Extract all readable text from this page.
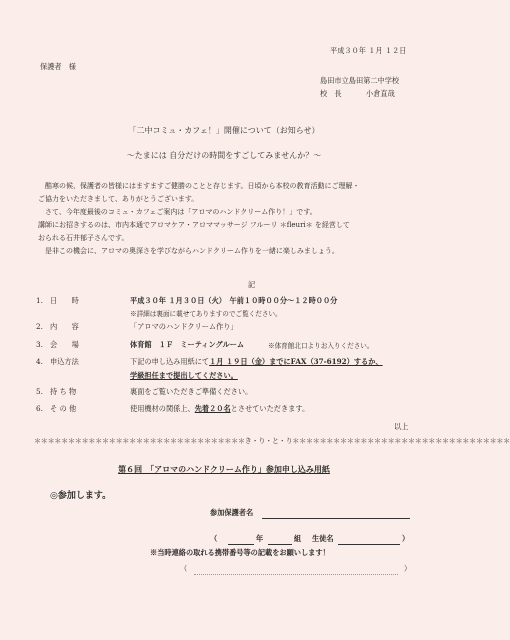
平成３０年 １月 １２日
保護者　様
島田市立島田第二中学校
校　長	小倉直哉
「二中コミュ・カフェ！」開催について（お知らせ）
～たまには 自分だけの時間をすごしてみませんか？～
酷寒の候、保護者の皆様にはますますご健勝のことと存じます。日頃から本校の教育活動にご理解・
ご協力をいただきまして、ありがとうございます。
さて、今年度最後のコミュ・カフェご案内は「アロマのハンドクリーム作り！」です。
講師にお招きするのは、市内本通でアロマケア・アロママッサージ フルーリ ＊fleuri＊ を経営して
おられる石井郁子さんです。
是非この機会に、アロマの奥深さを学びながらハンドクリーム作りを一緒に楽しみましょう。
記
1.　日　　時	平成３０年 １月３０日（火）　午前１０時００分～１２時００分
※詳細は裏面に載せてありますのでご覧ください。
2.　内　　容	「アロマのハンドクリーム作り」
3.　会　　場	体育館　１Ｆ　ミーティングルーム	※体育館北口よりお入りください。
4.　申込方法	下記の申し込み用紙にて１月 １９日（金）までにFAX（37-6192）するか、
学級担任まで提出してください。
5.　持 ち 物	裏面をご覧いただきご準備ください。
6.　そ の 他	使用機材の関係上、先着２０名とさせていただきます。
以上
＊＊＊＊＊＊＊＊＊＊＊＊＊＊＊＊＊＊＊＊＊＊＊＊＊＊＊＊＊＊＊き・り・と・り＊＊＊＊＊＊＊＊＊＊＊＊＊＊＊＊＊＊＊＊＊＊＊＊＊＊＊＊＊＊＊＊
第６回　「アロマのハンドクリーム作り」参加申し込み用紙
◎参加します。
参加保護者名
（	年	組 生徒名	）
※当時連絡の取れる携帯番号等の記載をお願いします！
（	）
